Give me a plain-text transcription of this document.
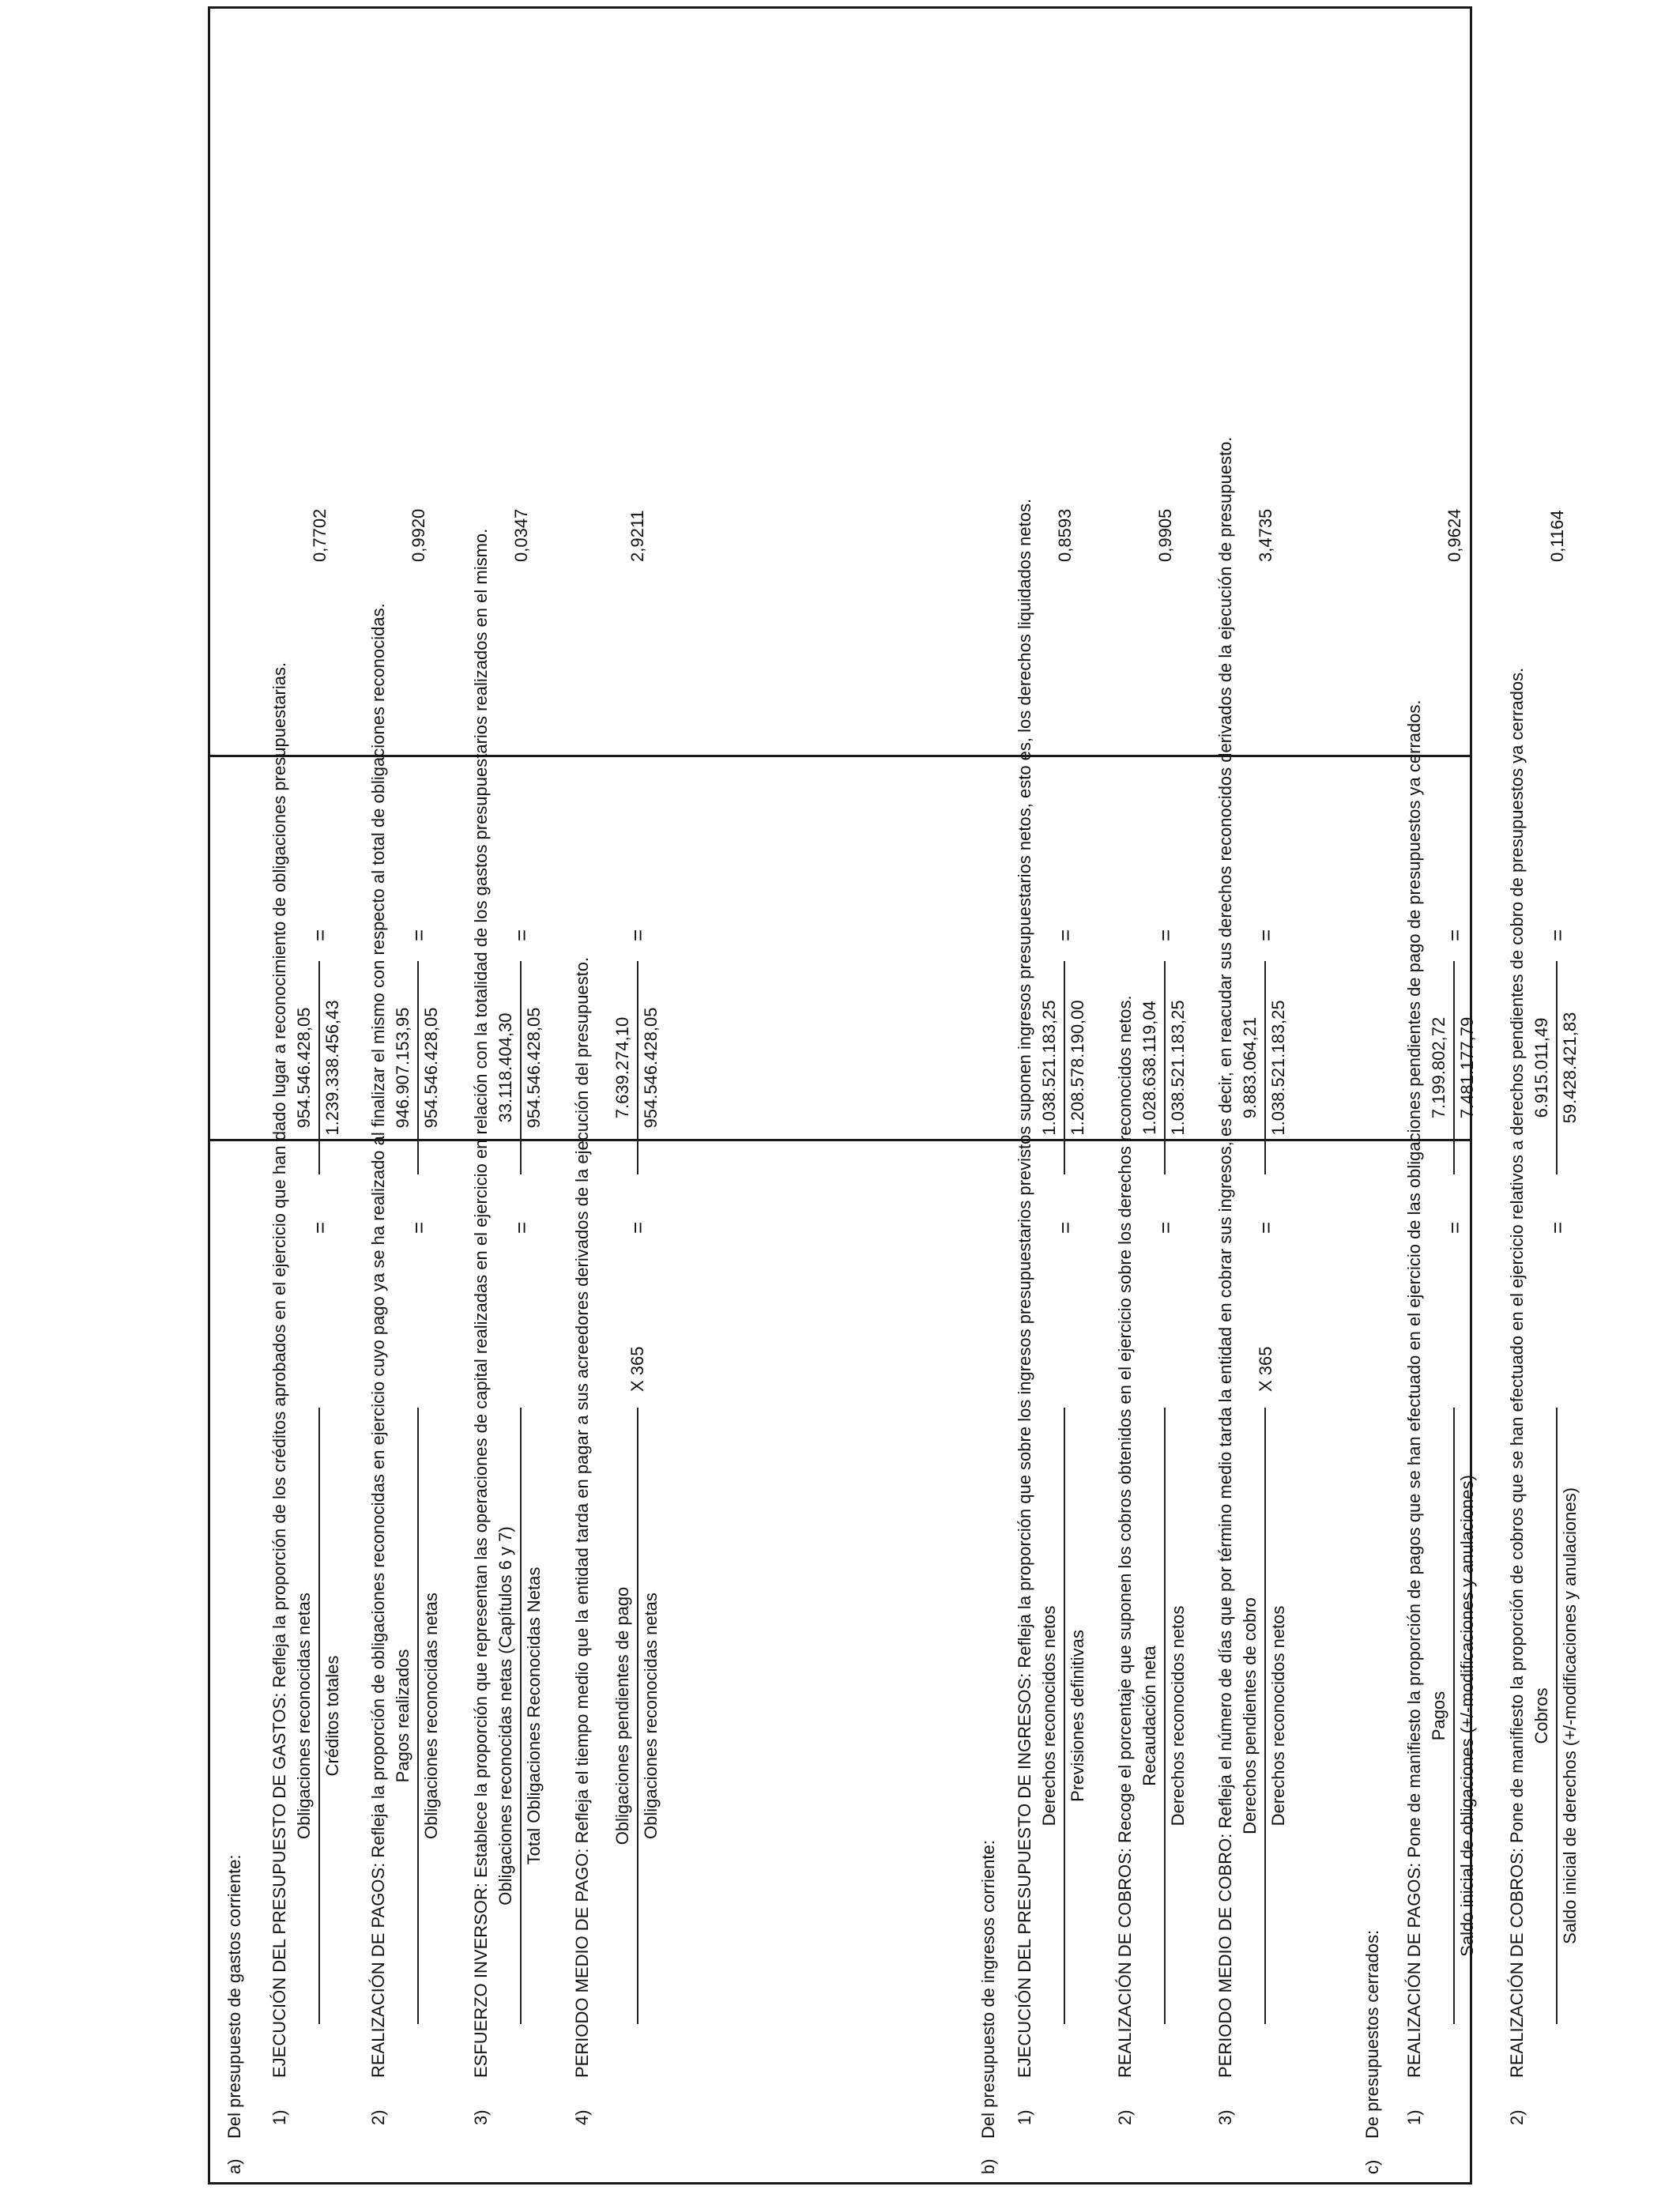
a)
Del presupuesto de gastos corriente: 1)
EJECUCIÓN DEL PRESUPUESTO DE GASTOS: Refleja la proporción de los créditos aprobados en el ejercicio que han dado lugar a reconocimiento de obligaciones presupuestarias. Obligaciones reconocidas netas Créditos totales
=
954.546.428,05 1.239.338.456,43
=
0,7702
2)
REALIZACIÓN DE PAGOS: Refleja la proporción de obligaciones reconocidas en ejercicio cuyo pago ya se ha realizado al finalizar el mismo con respecto al total de obligaciones reconocidas. Pagos realizados Obligaciones reconocidas netas
=
946.907.153,95 954.546.428,05
=
0,9920
3)
ESFUERZO INVERSOR: Establece la proporción que representan las operaciones de capital realizadas en el ejercicio en relación con la totalidad de los gastos presupuestarios realizados en el mismo. Obligaciones reconocidas netas (Capítulos 6 y 7) Total Obligaciones Reconocidas Netas
=
33.118.404,30 954.546.428,05
=
0,0347
4)
PERIODO MEDIO DE PAGO: Refleja el tiempo medio que la entidad tarda en pagar a sus acreedores derivados de la ejecución del presupuesto. Obligaciones pendientes de pago Obligaciones reconocidas netas
X 365
=
7.639.274,10 954.546.428,05
=
2,9211
b)
Del presupuesto de ingresos corriente: 1)
EJECUCIÓN DEL PRESUPUESTO DE INGRESOS: Refleja la proporción que sobre los ingresos presupuestarios previstos suponen ingresos presupuestarios netos, esto es, los derechos liquidados netos. Derechos reconocidos netos Previsiones definitivas
=
1.038.521.183,25 1.208.578.190,00
=
0,8593
2)
REALIZACIÓN DE COBROS: Recoge el porcentaje que suponen los cobros obtenidos en el ejercicio sobre los derechos reconocidos netos. Recaudación neta Derechos reconocidos netos
=
1.028.638.119,04 1.038.521.183,25
=
0,9905
3)
PERIODO MEDIO DE COBRO: Refleja el número de días que por término medio tarda la entidad en cobrar sus ingresos, es decir, en reacudar sus derechos reconocidos derivados de la ejecución de presupuesto. Derechos pendientes de cobro Derechos reconocidos netos
X 365
=
9.883.064,21 1.038.521.183,25
=
3,4735
c)
De presupuestos cerrados: 1)
REALIZACIÓN DE PAGOS: Pone de manifiesto la proporción de pagos que se han efectuado en el ejercicio de las obligaciones pendientes de pago de presupuestos ya cerrados. Pagos Saldo inicial de obligaciones (+/-modificaciones y anulaciones)
=
7.199.802,72 7.481.177,79
=
0,9624
2)
REALIZACIÓN DE COBROS: Pone de manifiesto la proporción de cobros que se han efectuado en el ejercicio relativos a derechos pendientes de cobro de presupuestos ya cerrados. Cobros Saldo inicial de derechos (+/-modificaciones y anulaciones)
=
6.915.011,49 59.428.421,83
=
0,1164
